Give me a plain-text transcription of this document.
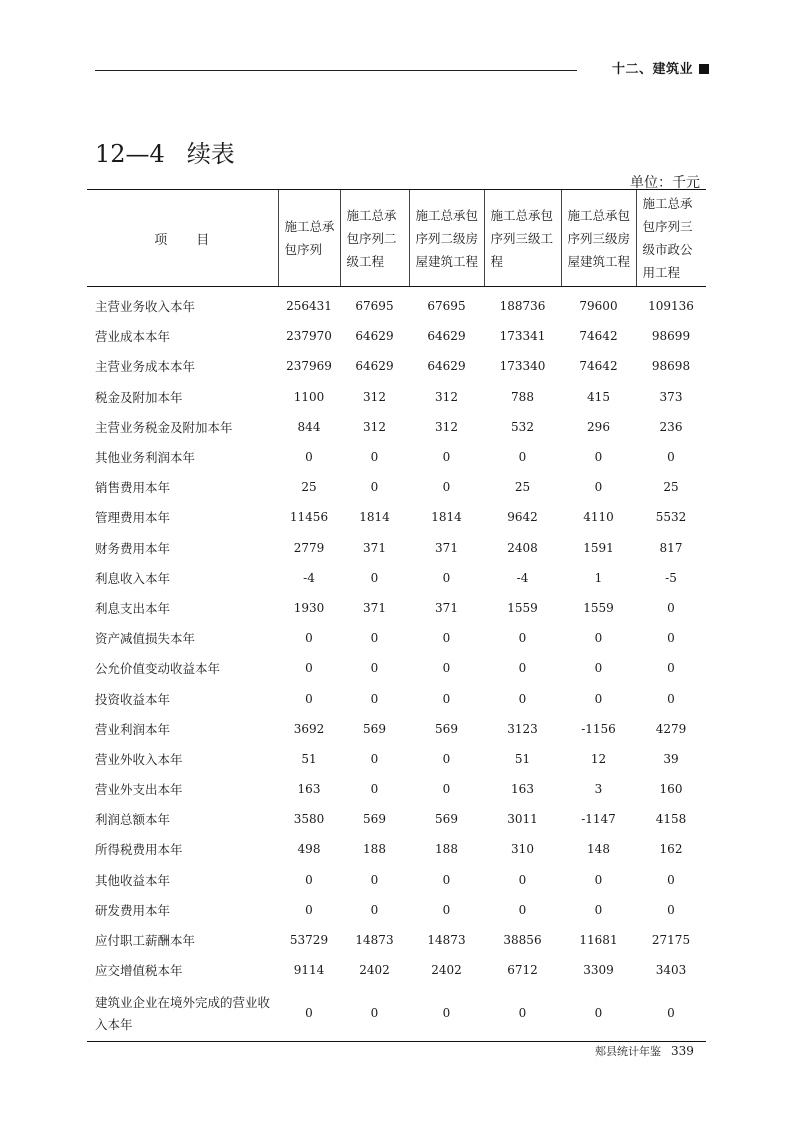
十二、建筑业
12—4 续表
单位：千元
项　　目	施工总承包序列	施工总承包序列二级工程	施工总承包序列二级房屋建筑工程	施工总承包序列三级工程	施工总承包序列三级房屋建筑工程	施工总承包序列三级市政公用工程
主营业务收入本年	256431	67695	67695	188736	79600	109136
营业成本本年	237970	64629	64629	173341	74642	98699
主营业务成本本年	237969	64629	64629	173340	74642	98698
税金及附加本年	1100	312	312	788	415	373
主营业务税金及附加本年	844	312	312	532	296	236
其他业务利润本年	0	0	0	0	0	0
销售费用本年	25	0	0	25	0	25
管理费用本年	11456	1814	1814	9642	4110	5532
财务费用本年	2779	371	371	2408	1591	817
利息收入本年	-4	0	0	-4	1	-5
利息支出本年	1930	371	371	1559	1559	0
资产减值损失本年	0	0	0	0	0	0
公允价值变动收益本年	0	0	0	0	0	0
投资收益本年	0	0	0	0	0	0
营业利润本年	3692	569	569	3123	-1156	4279
营业外收入本年	51	0	0	51	12	39
营业外支出本年	163	0	0	163	3	160
利润总额本年	3580	569	569	3011	-1147	4158
所得税费用本年	498	188	188	310	148	162
其他收益本年	0	0	0	0	0	0
研发费用本年	0	0	0	0	0	0
应付职工薪酬本年	53729	14873	14873	38856	11681	27175
应交增值税本年	9114	2402	2402	6712	3309	3403
建筑业企业在境外完成的营业收入本年	0	0	0	0	0	0
郏县统计年鉴 339
